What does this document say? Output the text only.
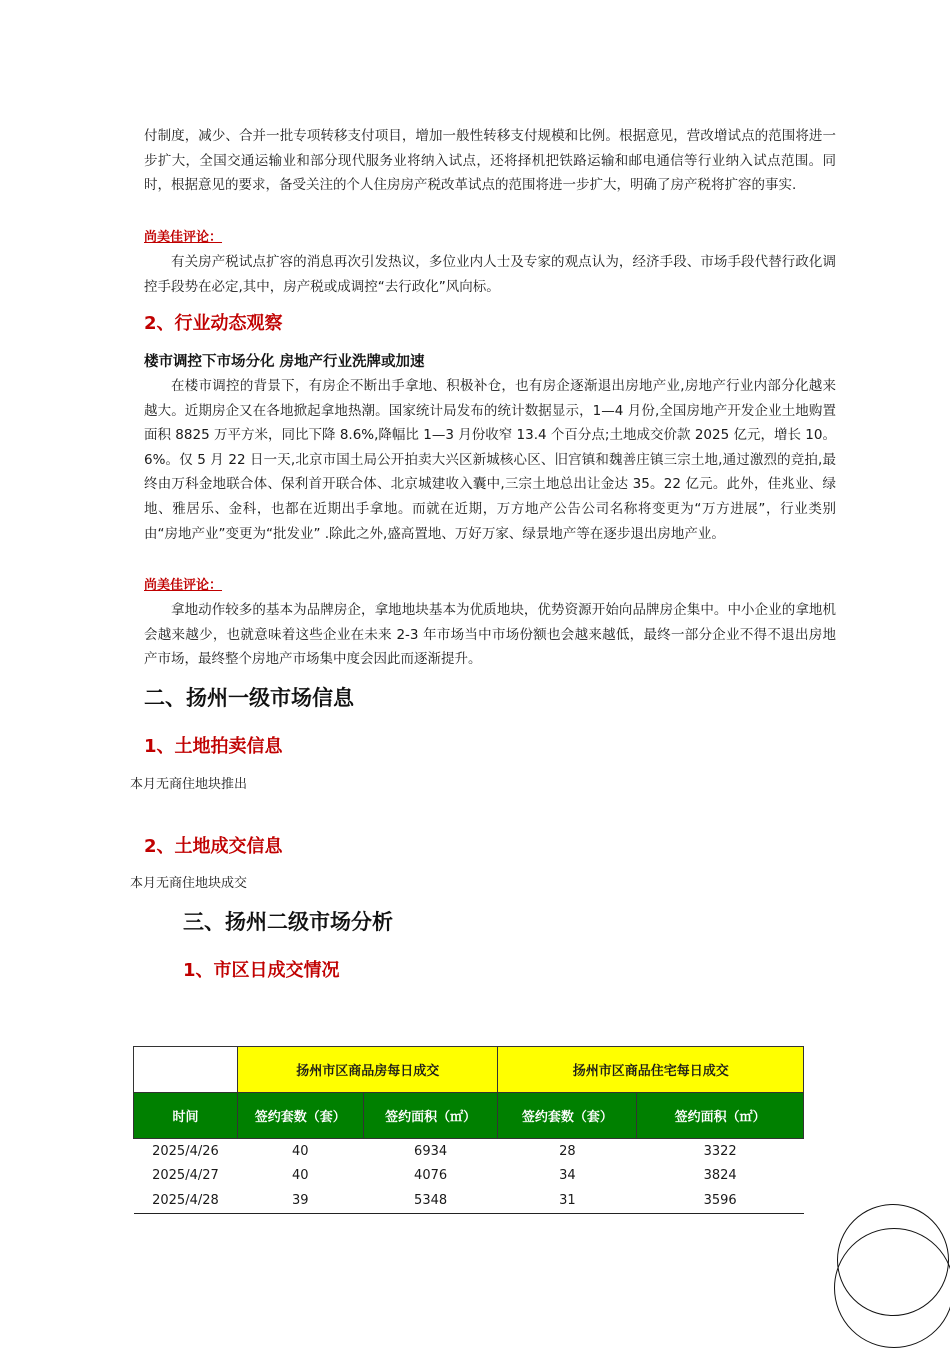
付制度，减少、合并一批专项转移支付项目，增加一般性转移支付规模和比例。根据意见，营改增试点的范围将进一步扩大，全国交通运输业和部分现代服务业将纳入试点，还将择机把铁路运输和邮电通信等行业纳入试点范围。同时，根据意见的要求，备受关注的个人住房房产税改革试点的范围将进一步扩大，明确了房产税将扩容的事实.

尚美佳评论：

有关房产税试点扩容的消息再次引发热议，多位业内人士及专家的观点认为，经济手段、市场手段代替行政化调控手段势在必定,其中，房产税或成调控“去行政化”风向标。

2、行业动态观察
楼市调控下市场分化 房地产行业洗牌或加速

在楼市调控的背景下，有房企不断出手拿地、积极补仓，也有房企逐渐退出房地产业,房地产行业内部分化越来越大。近期房企又在各地掀起拿地热潮。国家统计局发布的统计数据显示，1—4 月份,全国房地产开发企业土地购置面积 8825 万平方米，同比下降 8.6%,降幅比 1—3 月份收窄 13.4 个百分点;土地成交价款 2025 亿元，增长 10。6%。仅 5 月 22 日一天,北京市国土局公开拍卖大兴区新城核心区、旧宫镇和魏善庄镇三宗土地,通过激烈的竞拍,最终由万科金地联合体、保利首开联合体、北京城建收入囊中,三宗土地总出让金达 35。22 亿元。此外，佳兆业、绿地、雅居乐、金科，也都在近期出手拿地。而就在近期，万方地产公告公司名称将变更为“万方进展”，行业类别由“房地产业”变更为“批发业” .除此之外,盛高置地、万好万家、绿景地产等在逐步退出房地产业。

尚美佳评论：

拿地动作较多的基本为品牌房企，拿地地块基本为优质地块，优势资源开始向品牌房企集中。中小企业的拿地机会越来越少，也就意味着这些企业在未来 2-3 年市场当中市场份额也会越来越低，最终一部分企业不得不退出房地产市场，最终整个房地产市场集中度会因此而逐渐提升。

二、扬州一级市场信息
1、土地拍卖信息
本月无商住地块推出
2、土地成交信息
本月无商住地块成交
三、扬州二级市场分析
1、市区日成交情况
	扬州市区商品房每日成交		扬州市区商品住宅每日成交	
时间	签约套数（套）	签约面积（㎡）	签约套数（套）	签约面积（㎡）
2025/4/26	40	6934	28	3322
2025/4/27	40	4076	34	3824
2025/4/28	39	5348	31	3596
